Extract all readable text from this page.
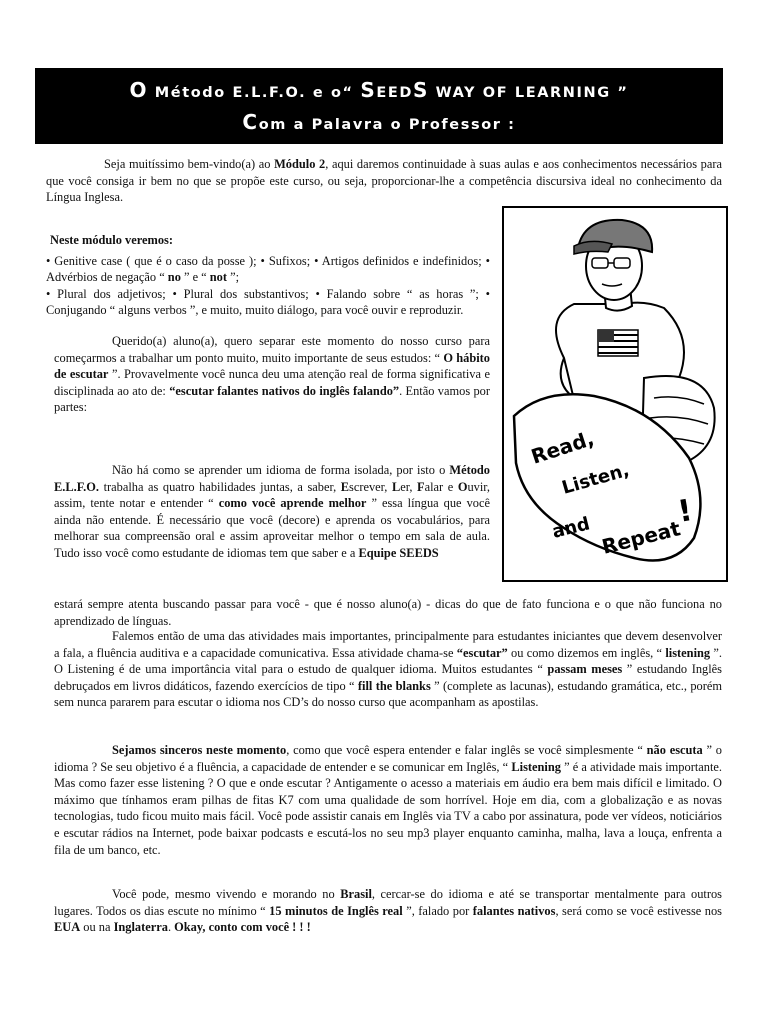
O Método E.L.F.O. e o“ SEEDS WAY OF LEARNING ”
Com a Palavra o Professor :

Seja muitíssimo bem-vindo(a) ao Módulo 2, aqui daremos continuidade à suas aulas e aos conhecimentos necessários para que você consiga ir bem no que se propõe este curso, ou seja, proporcionar-lhe a competência discursiva ideal no conhecimento da Língua Inglesa.

Neste módulo veremos:

• Genitive case ( que é o caso da posse ); • Sufixos; • Artigos definidos e indefinidos; • Advérbios de negação “ no ” e “ not ”;

• Plural dos adjetivos; • Plural dos substantivos; • Falando sobre “ as horas ”; • Conjugando “ alguns verbos ”, e muito, muito diálogo, para você ouvir e reproduzir.

Querido(a) aluno(a), quero separar este momento do nosso curso para começarmos a trabalhar um ponto muito, muito importante de seus estudos: “ O hábito de escutar ”. Provavelmente você nunca deu uma atenção real de forma significativa e disciplinada ao ato de: “escutar falantes nativos do inglês falando”. Então vamos por partes:

Não há como se aprender um idioma de forma isolada, por isto o Método E.L.F.O. trabalha as quatro habilidades juntas, a saber, Escrever, Ler, Falar e Ouvir, assim, tente notar e entender “ como você aprende melhor ” essa língua que você ainda não entende. É necessário que você (decore) e aprenda os vocabulários, para melhorar sua compreensão oral e assim aproveitar melhor o tempo em sala de aula. Tudo isso você como estudante de idiomas tem que saber e a Equipe SEEDS

estará sempre atenta buscando passar para você - que é nosso aluno(a) - dicas do que de fato funciona e o que não funciona no aprendizado de línguas.

Falemos então de uma das atividades mais importantes, principalmente para estudantes iniciantes que devem desenvolver a fala, a fluência auditiva e a capacidade comunicativa. Essa atividade chama-se “escutar” ou como dizemos em inglês, “ listening ”. O Listening é de uma importância vital para o estudo de qualquer idioma. Muitos estudantes “ passam meses ” estudando Inglês debruçados em livros didáticos, fazendo exercícios de tipo “ fill the blanks ” (complete as lacunas), estudando gramática, etc., porém sem nunca pararem para escutar o idioma nos CD’s do nosso curso que acompanham as apostilas.

Sejamos sinceros neste momento, como que você espera entender e falar inglês se você simplesmente “ não escuta ” o idioma ? Se seu objetivo é a fluência, a capacidade de entender e se comunicar em Inglês, “ Listening ” é a atividade mais importante. Mas como fazer esse listening ? O que e onde escutar ? Antigamente o acesso a materiais em áudio era bem mais difícil e limitado. O máximo que tínhamos eram pilhas de fitas K7 com uma qualidade de som horrível. Hoje em dia, com a globalização e as novas tecnologias, tudo ficou muito mais fácil. Você pode assistir canais em Inglês via TV a cabo por assinatura, pode ver vídeos, noticiários e escutar rádios na Internet, pode baixar podcasts e escutá-los no seu mp3 player enquanto caminha, malha, lava a louça, enfrenta a fila de um banco, etc.

Você pode, mesmo vivendo e morando no Brasil, cercar-se do idioma e até se transportar mentalmente para outros lugares. Todos os dias escute no mínimo “ 15 minutos de Inglês real ”, falado por falantes nativos, será como se você estivesse nos EUA ou na Inglaterra. Okay, conto com você ! ! !

Read,
Listen,
and Repeat
!
